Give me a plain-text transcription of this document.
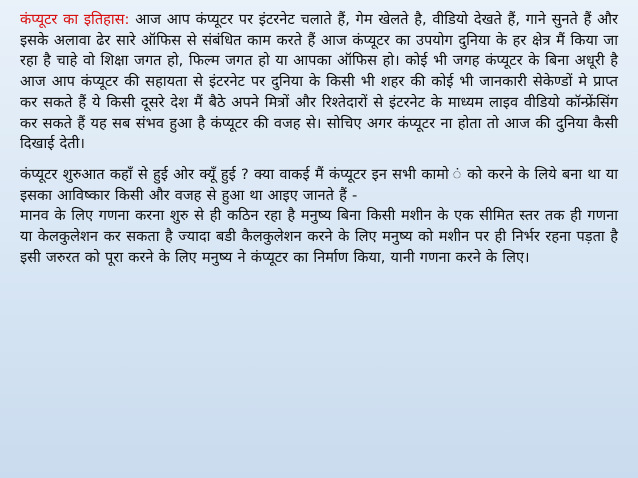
कंप्यूटर का इतिहास: आज आप कंप्यूटर पर इंटरनेट चलाते हैं, गेम खेलते है, वीडियो देखते हैं, गाने सुनते हैं और इसके अलावा ढेर सारे ऑफिस से संबंधित काम करते हैं आज कंप्यूटर का उपयोग दुनिया के हर क्षेत्र मैं किया जा रहा है चाहे वो शिक्षा जगत हो, फिल्म जगत हो या आपका ऑफिस हो। कोई भी जगह कंप्यूटर के बिना अधूरी है आज आप कंप्यूटर की सहायता से इंटरनेट पर दुनिया के किसी भी शहर की कोई भी जानकारी सेकेण्डों मे प्राप्त कर सकते हैं ये किसी दूसरे देश मैं बैठे अपने मित्रों और रिश्तेदारों से इंटरनेट के माध्यम लाइव वीडियो कॉन्फ्रेंसिंग कर सकते हैं यह सब संभव हुआ है कंप्यूटर की वजह से। सोचिए अगर कंप्यूटर ना होता तो आज की दुनिया कैसी दिखाई देती।

कंप्यूटर शुरुआत कहाँ से हुई ओर क्यूँ हुई ? क्या वाकई मैं कंप्यूटर इन सभी कामाे ं को करने के लिये बना था या इसका आविष्कार किसी और वजह से हुआ था आइए जानते हैं -
मानव के लिए गणना करना शुरु से ही कठिन रहा है मनुष्य बिना किसी मशीन के एक सीमित स्तर तक ही गणना या केलकुलेशन कर सकता है ज्यादा बडी कैलकुलेशन करने के लिए मनुष्य को मशीन पर ही निर्भर रहना पड़ता है इसी जरुरत को पूरा करने के लिए मनुष्य ने कंप्यूटर का निर्माण किया, यानी गणना करने के लिए।
